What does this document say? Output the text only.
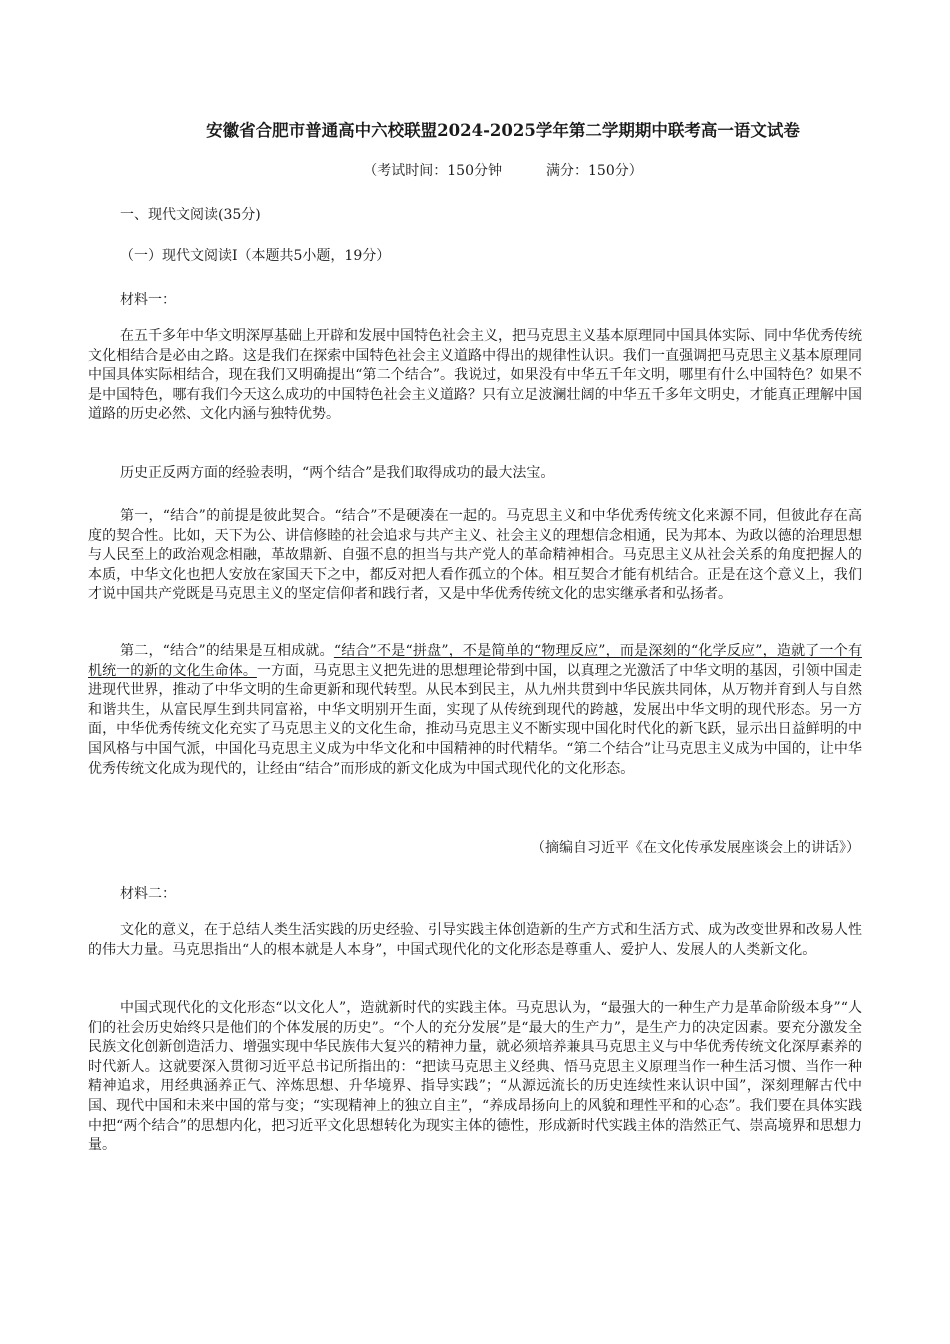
安徽省合肥市普通高中六校联盟2024-2025学年第二学期期中联考高一语文试卷
（考试时间：150分钟	满分：150分）
一、现代文阅读(35分)
（一）现代文阅读Ⅰ（本题共5小题，19分）
材料一：
在五千多年中华文明深厚基础上开辟和发展中国特色社会主义，把马克思主义基本原理同中国具体实际、同中华优秀传统文化相结合是必由之路。这是我们在探索中国特色社会主义道路中得出的规律性认识。我们一直强调把马克思主义基本原理同中国具体实际相结合，现在我们又明确提出“第二个结合”。我说过，如果没有中华五千年文明，哪里有什么中国特色？如果不是中国特色，哪有我们今天这么成功的中国特色社会主义道路？只有立足波澜壮阔的中华五千多年文明史，才能真正理解中国道路的历史必然、文化内涵与独特优势。
历史正反两方面的经验表明，“两个结合”是我们取得成功的最大法宝。
第一，“结合”的前提是彼此契合。“结合”不是硬凑在一起的。马克思主义和中华优秀传统文化来源不同，但彼此存在高度的契合性。比如，天下为公、讲信修睦的社会追求与共产主义、社会主义的理想信念相通，民为邦本、为政以德的治理思想与人民至上的政治观念相融，革故鼎新、自强不息的担当与共产党人的革命精神相合。马克思主义从社会关系的角度把握人的本质，中华文化也把人安放在家国天下之中，都反对把人看作孤立的个体。相互契合才能有机结合。正是在这个意义上，我们才说中国共产党既是马克思主义的坚定信仰者和践行者，又是中华优秀传统文化的忠实继承者和弘扬者。
第二，“结合”的结果是互相成就。“结合”不是“拼盘”，不是简单的“物理反应”，而是深刻的“化学反应”，造就了一个有机统一的新的文化生命体。一方面，马克思主义把先进的思想理论带到中国，以真理之光激活了中华文明的基因，引领中国走进现代世界，推动了中华文明的生命更新和现代转型。从民本到民主，从九州共贯到中华民族共同体，从万物并育到人与自然和谐共生，从富民厚生到共同富裕，中华文明别开生面，实现了从传统到现代的跨越，发展出中华文明的现代形态。另一方面，中华优秀传统文化充实了马克思主义的文化生命，推动马克思主义不断实现中国化时代化的新飞跃，显示出日益鲜明的中国风格与中国气派，中国化马克思主义成为中华文化和中国精神的时代精华。“第二个结合”让马克思主义成为中国的，让中华优秀传统文化成为现代的，让经由“结合”而形成的新文化成为中国式现代化的文化形态。
（摘编自习近平《在文化传承发展座谈会上的讲话》）
材料二：
文化的意义，在于总结人类生活实践的历史经验、引导实践主体创造新的生产方式和生活方式、成为改变世界和改易人性的伟大力量。马克思指出“人的根本就是人本身”，中国式现代化的文化形态是尊重人、爱护人、发展人的人类新文化。
中国式现代化的文化形态“以文化人”，造就新时代的实践主体。马克思认为，“最强大的一种生产力是革命阶级本身”“人们的社会历史始终只是他们的个体发展的历史”。“个人的充分发展”是“最大的生产力”，是生产力的决定因素。要充分激发全民族文化创新创造活力、增强实现中华民族伟大复兴的精神力量，就必须培养兼具马克思主义与中华优秀传统文化深厚素养的时代新人。这就要深入贯彻习近平总书记所指出的：“把读马克思主义经典、悟马克思主义原理当作一种生活习惯、当作一种精神追求，用经典涵养正气、淬炼思想、升华境界、指导实践”；“从源远流长的历史连续性来认识中国”，深刻理解古代中国、现代中国和未来中国的常与变；“实现精神上的独立自主”，“养成昂扬向上的风貌和理性平和的心态”。我们要在具体实践中把“两个结合”的思想内化，把习近平文化思想转化为现实主体的德性，形成新时代实践主体的浩然正气、崇高境界和思想力量。
